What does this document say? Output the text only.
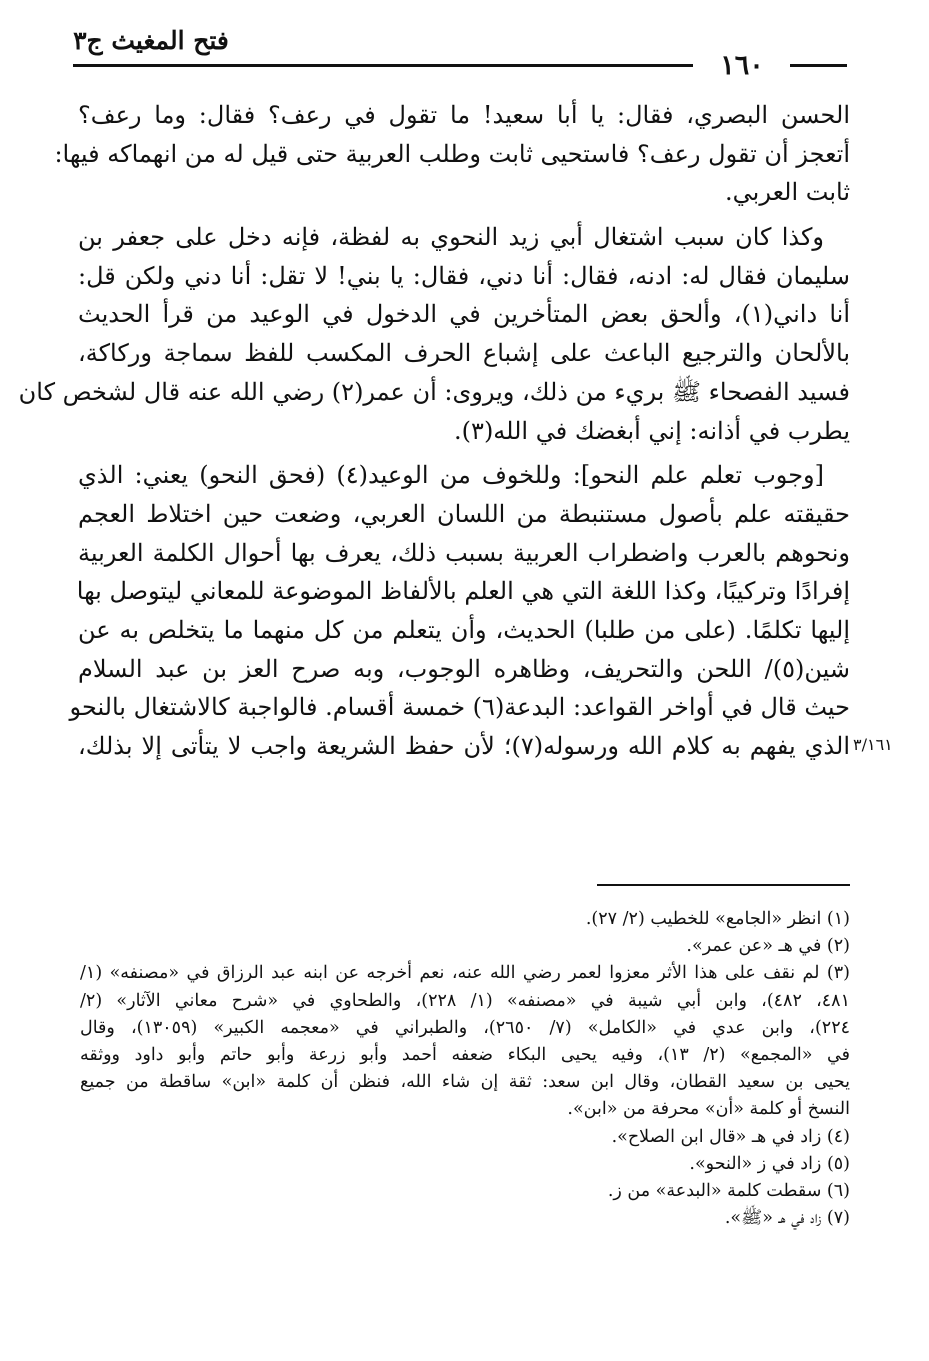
فتح المغيث ج٣
١٦٠
الحسن البصري، فقال: يا أبا سعيد! ما تقول في رعف؟ فقال: وما رعف؟
أتعجز أن تقول رعف؟ فاستحيى ثابت وطلب العربية حتى قيل له من انهماكه فيها:
ثابت العربي.
وكذا كان سبب اشتغال أبي زيد النحوي به لفظة، فإنه دخل على جعفر بن
سليمان فقال له: ادنه، فقال: أنا دني، فقال: يا بني! لا تقل: أنا دني ولكن قل:
أنا داني(١)، وألحق بعض المتأخرين في الدخول في الوعيد من قرأ الحديث
بالألحان والترجيع الباعث على إشباع الحرف المكسب للفظ سماجة وركاكة،
فسيد الفصحاء ﷺ بريء من ذلك، ويروى: أن عمر(٢) رضي الله عنه قال لشخص كان
يطرب في أذانه: إني أبغضك في الله(٣).
[وجوب تعلم علم النحو]: وللخوف من الوعيد(٤) (فحق النحو) يعني: الذي
حقيقته علم بأصول مستنبطة من اللسان العربي، وضعت حين اختلاط العجم
ونحوهم بالعرب واضطراب العربية بسبب ذلك، يعرف بها أحوال الكلمة العربية
إفرادًا وتركيبًا، وكذا اللغة التي هي العلم بالألفاظ الموضوعة للمعاني ليتوصل بها
إليها تكلمًا. (على من طلبا) الحديث، وأن يتعلم من كل منهما ما يتخلص به عن
شين(٥)/ اللحن والتحريف، وظاهره الوجوب، وبه صرح العز بن عبد السلام
حيث قال في أواخر القواعد: البدعة(٦) خمسة أقسام. فالواجبة كالاشتغال بالنحو
الذي يفهم به كلام الله ورسوله(٧)؛ لأن حفظ الشريعة واجب لا يتأتى إلا بذلك، ٣/١٦١
(١) انظر «الجامع» للخطيب (٢/ ٢٧).
(٢) في هـ «عن عمر».
(٣) لم نقف على هذا الأثر معزوا لعمر رضي الله عنه، نعم أخرجه عن ابنه عبد الرزاق في «مصنفه» (١/
٤٨١، ٤٨٢)، وابن أبي شيبة في «مصنفه» (١/ ٢٢٨)، والطحاوي في «شرح معاني الآثار» (٢/
٢٢٤)، وابن عدي في «الكامل» (٧/ ٢٦٥٠)، والطبراني في «معجمه الكبير» (١٣٠٥٩)، وقال
في «المجمع» (٢/ ١٣)، وفيه يحيى البكاء ضعفه أحمد وأبو زرعة وأبو حاتم وأبو داود ووثقه
يحيى بن سعيد القطان، وقال ابن سعد: ثقة إن شاء الله، فنظن أن كلمة «ابن» ساقطة من جميع
النسخ أو كلمة «أن» محرفة من «ابن».
(٤) زاد في هـ «قال ابن الصلاح».
(٥) زاد في ز «النحو».
(٦) سقطت كلمة «البدعة» من ز.
(٧) زاد في هـ «ﷺ».
